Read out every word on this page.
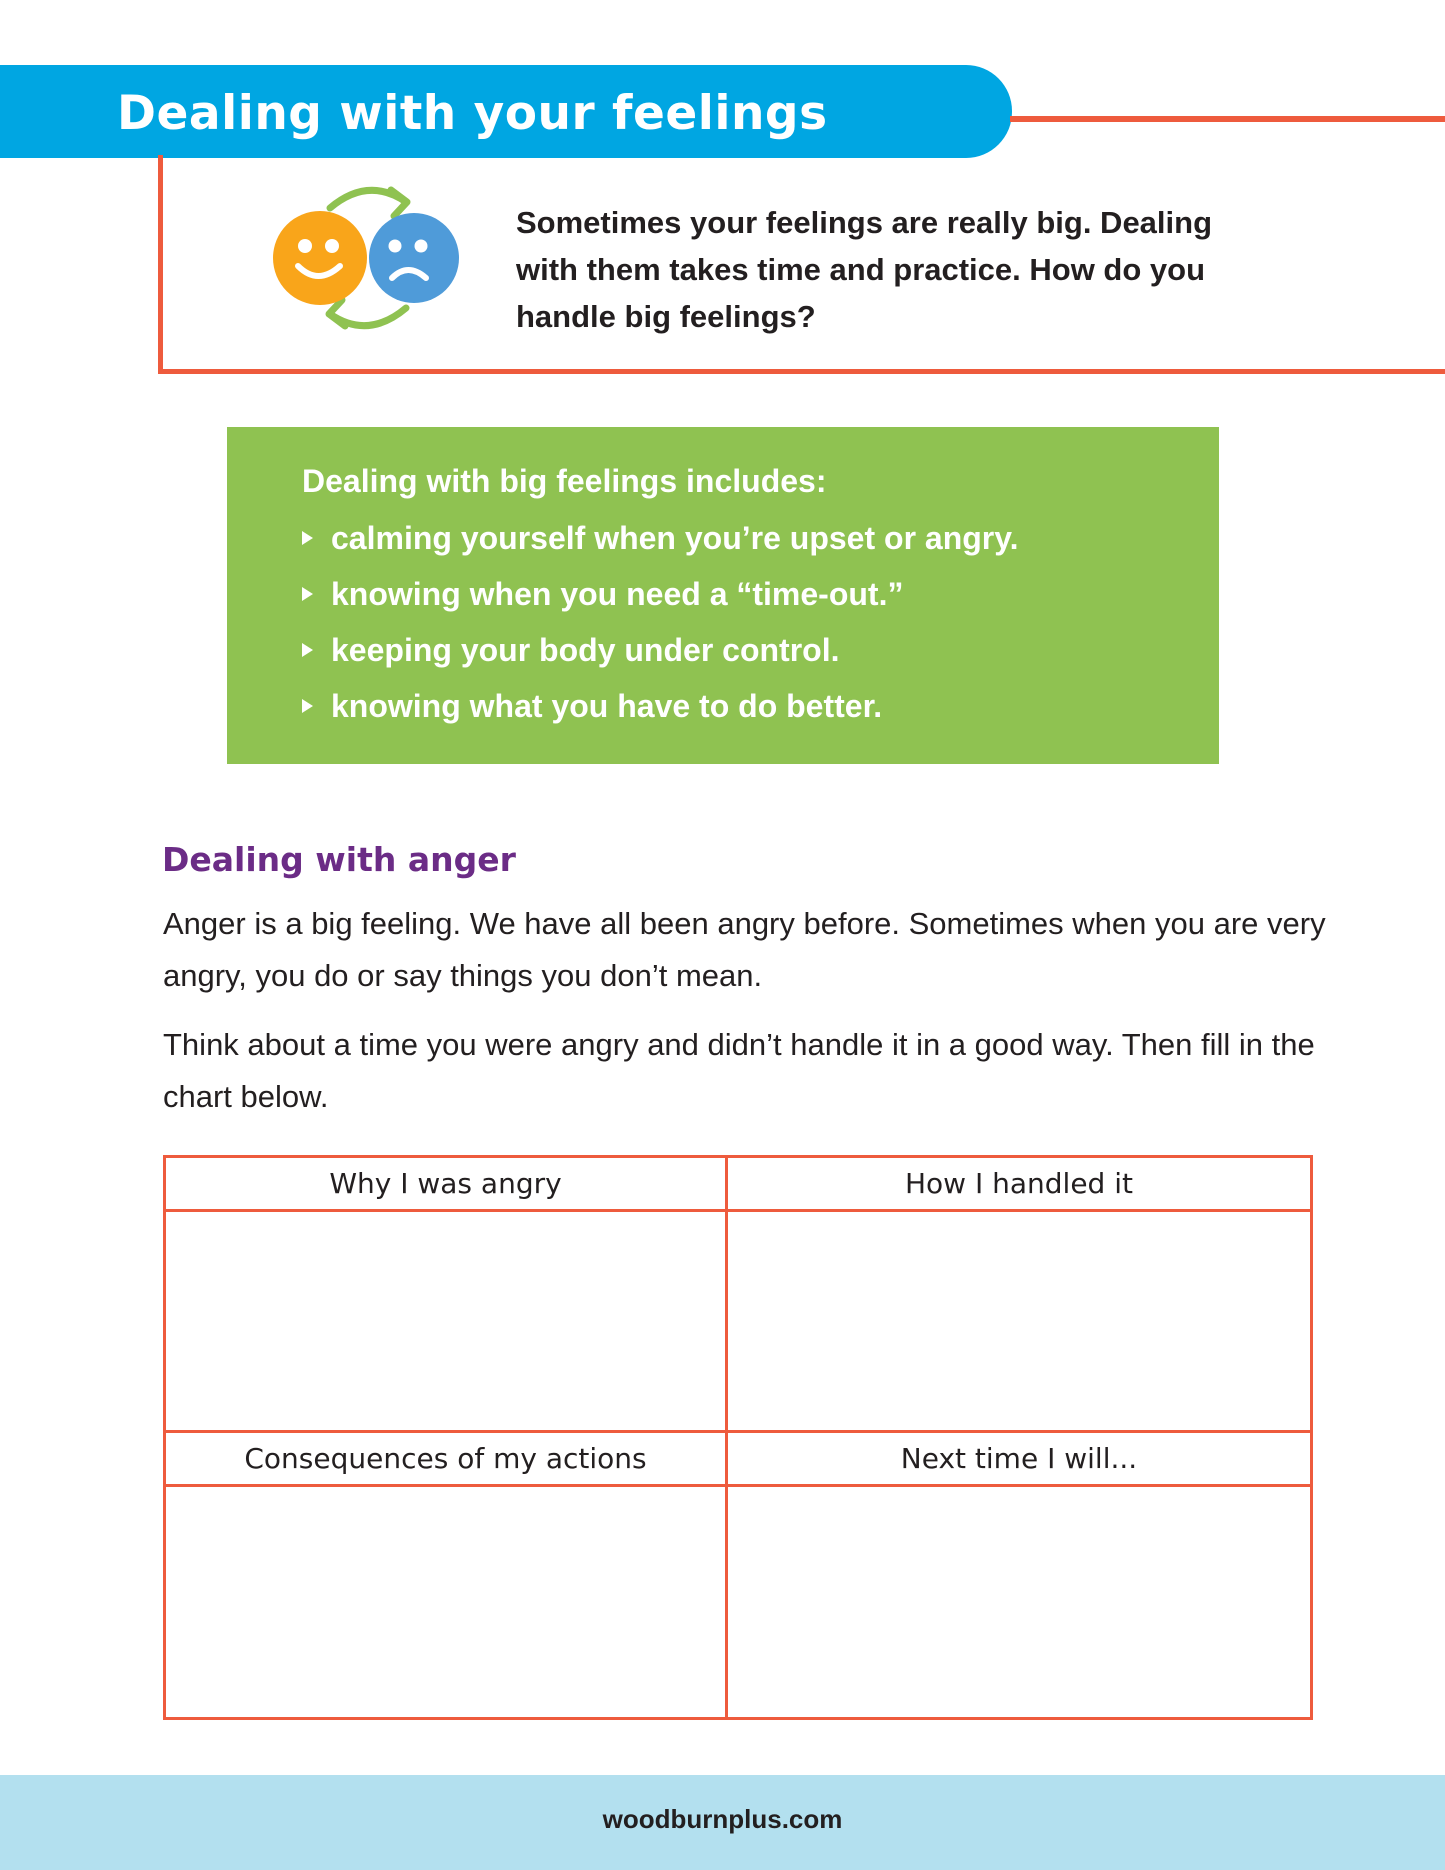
Dealing with your feelings

Sometimes your feelings are really big. Dealing with them takes time and practice. How do you handle big feelings?

Dealing with big feelings includes:

calming yourself when you’re upset or angry.
knowing when you need a “time-out.”
keeping your body under control.
knowing what you have to do better.
Dealing with anger

Anger is a big feeling. We have all been angry before. Sometimes when you are very angry, you do or say things you don’t mean.

Think about a time you were angry and didn’t handle it in a good way. Then fill in the chart below.

Why I was angry	How I handled it
Consequences of my actions	Next time I will...

woodburnplus.com
